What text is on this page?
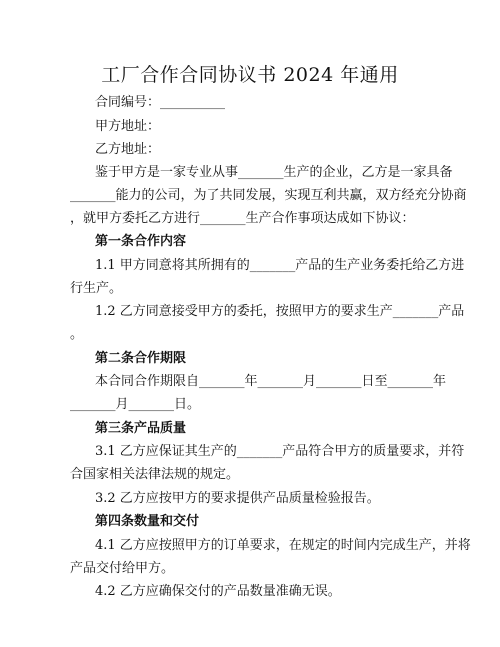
工厂合作合同协议书 2024 年通用
合同编号：__________
甲方地址：
乙方地址：
鉴于甲方是一家专业从事_______生产的企业，乙方是一家具备
_______能力的公司，为了共同发展，实现互利共赢，双方经充分协商
，就甲方委托乙方进行_______生产合作事项达成如下协议：
第一条合作内容
1.1 甲方同意将其所拥有的_______产品的生产业务委托给乙方进
行生产。
1.2 乙方同意接受甲方的委托，按照甲方的要求生产_______产品
。
第二条合作期限
本合同合作期限自_______年_______月_______日至_______年
_______月_______日。
第三条产品质量
3.1 乙方应保证其生产的_______产品符合甲方的质量要求，并符
合国家相关法律法规的规定。
3.2 乙方应按甲方的要求提供产品质量检验报告。
第四条数量和交付
4.1 乙方应按照甲方的订单要求，在规定的时间内完成生产，并将
产品交付给甲方。
4.2 乙方应确保交付的产品数量准确无误。
